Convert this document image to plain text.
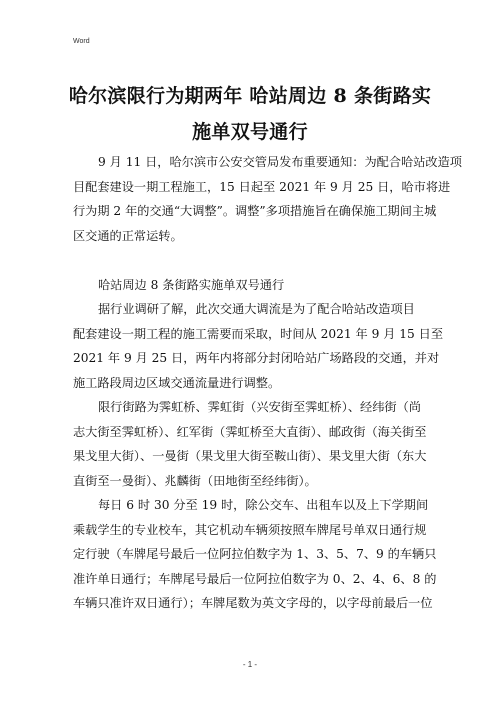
Word
哈尔滨限行为期两年 哈站周边 8 条街路实
施单双号通行
9 月 11 日，哈尔滨市公安交管局发布重要通知：为配合哈站改造项
目配套建设一期工程施工，15 日起至 2021 年 9 月 25 日，哈市将进
行为期 2 年的交通“大调整”。调整”多项措施旨在确保施工期间主城
区交通的正常运转。
哈站周边 8 条街路实施单双号通行
据行业调研了解，此次交通大调流是为了配合哈站改造项目
配套建设一期工程的施工需要而采取，时间从 2021 年 9 月 15 日至
2021 年 9 月 25 日，两年内将部分封闭哈站广场路段的交通，并对
施工路段周边区域交通流量进行调整。
限行街路为霁虹桥、霁虹街（兴安街至霁虹桥）、经纬街（尚
志大街至霁虹桥）、红军街（霁虹桥至大直街）、邮政街（海关街至
果戈里大街）、一曼街（果戈里大街至鞍山街）、果戈里大街（东大
直街至一曼街）、兆麟街（田地街至经纬街）。
每日 6 时 30 分至 19 时，除公交车、出租车以及上下学期间
乘载学生的专业校车，其它机动车辆须按照车牌尾号单双日通行规
定行驶（车牌尾号最后一位阿拉伯数字为 1、3、5、7、9 的车辆只
准许单日通行；车牌尾号最后一位阿拉伯数字为 0、2、4、6、8 的
车辆只准许双日通行）；车牌尾数为英文字母的，以字母前最后一位
- 1 -
